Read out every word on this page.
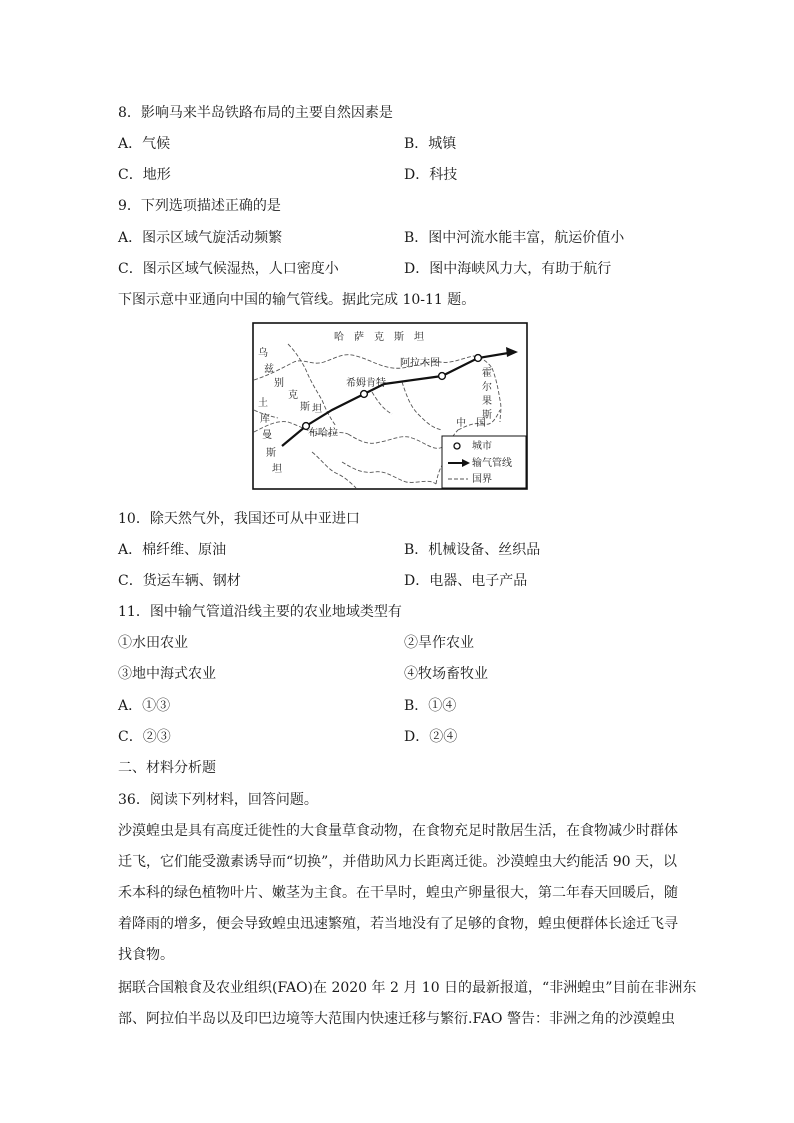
8．影响马来半岛铁路布局的主要自然因素是
A．气候	B．城镇
C．地形	D．科技
9．下列选项描述正确的是
A．图示区域气旋活动频繁	B．图中河流水能丰富，航运价值小
C．图示区域气候湿热，人口密度小	D．图中海峡风力大，有助于航行
下图示意中亚通向中国的输气管线。据此完成 10-11 题。
哈　萨　克　斯　坦
乌
兹
别
克
斯 坦
土
库
曼
斯
坦
阿拉木图
希姆肯特
布哈拉
霍
尔
果
斯
中　国
城市
输气管线
国界
10．除天然气外，我国还可从中亚进口
A．棉纤维、原油	B．机械设备、丝织品
C．货运车辆、钢材	D．电器、电子产品
11．图中输气管道沿线主要的农业地域类型有
①水田农业	②旱作农业
③地中海式农业	④牧场畜牧业
A．①③	B．①④
C．②③	D．②④
二、材料分析题
36．阅读下列材料，回答问题。
沙漠蝗虫是具有高度迁徙性的大食量草食动物，在食物充足时散居生活，在食物减少时群体
迁飞，它们能受激素诱导而“切换”，并借助风力长距离迁徙。沙漠蝗虫大约能活 90 天，以
禾本科的绿色植物叶片、嫩茎为主食。在干旱时，蝗虫产卵量很大，第二年春天回暖后，随
着降雨的增多，便会导致蝗虫迅速繁殖，若当地没有了足够的食物，蝗虫便群体长途迁飞寻
找食物。
据联合国粮食及农业组织(FAO)在 2020 年 2 月 10 日的最新报道，“非洲蝗虫”目前在非洲东
部、阿拉伯半岛以及印巴边境等大范围内快速迁移与繁衍.FAO 警告：非洲之角的沙漠蝗虫
